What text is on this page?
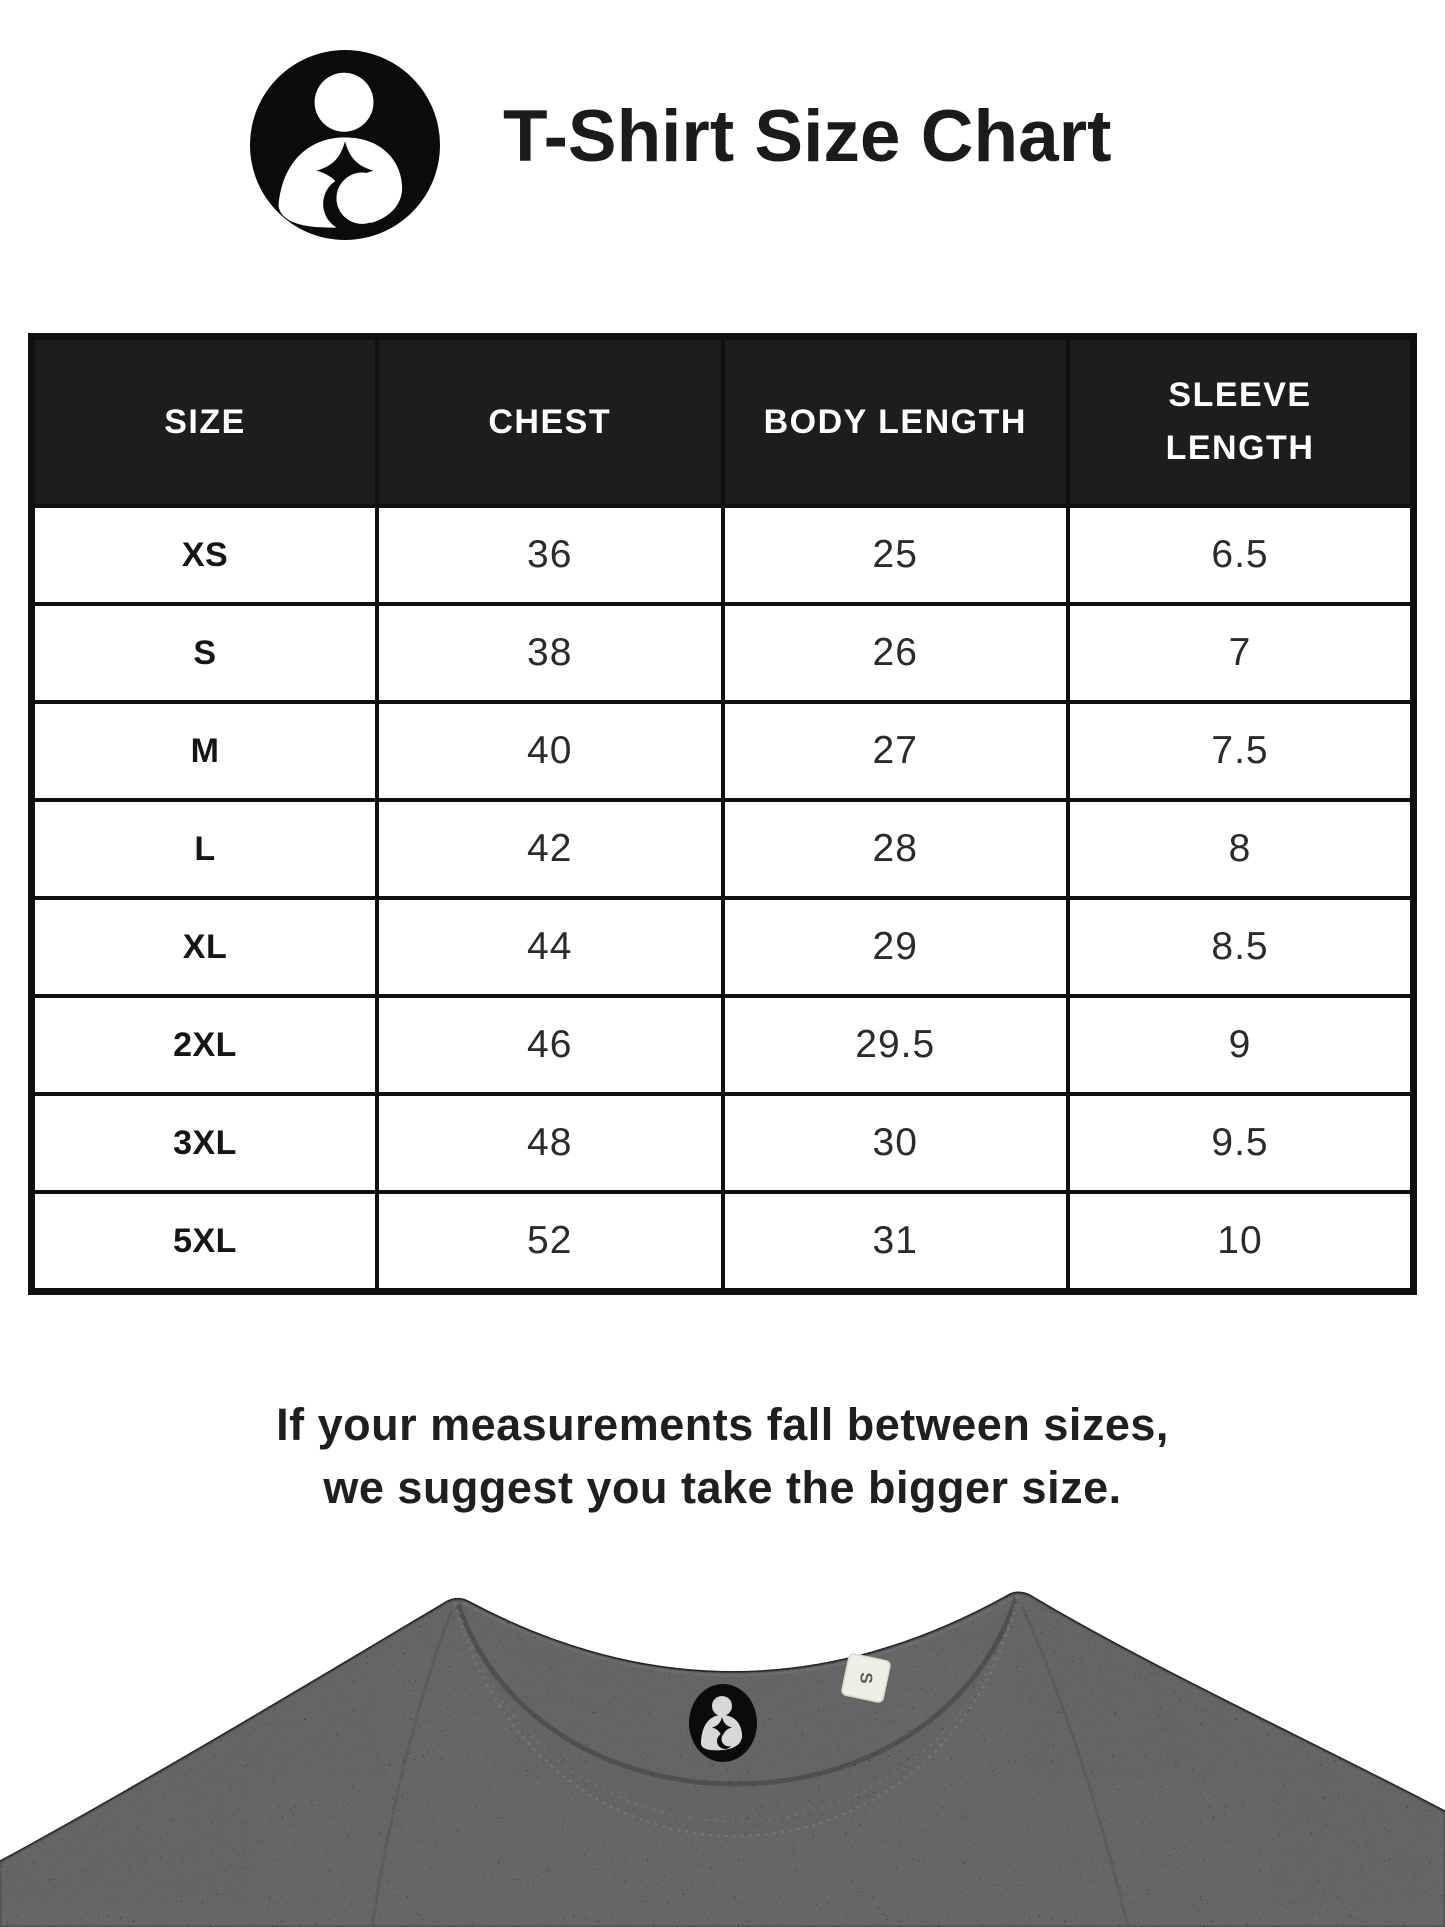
T-Shirt Size Chart
SIZE	CHEST	BODY LENGTH	SLEEVE LENGTH
XS	36	25	6.5
S	38	26	7
M	40	27	7.5
L	42	28	8
XL	44	29	8.5
2XL	46	29.5	9
3XL	48	30	9.5
5XL	52	31	10
If your measurements fall between sizes,
we suggest you take the bigger size.
S
